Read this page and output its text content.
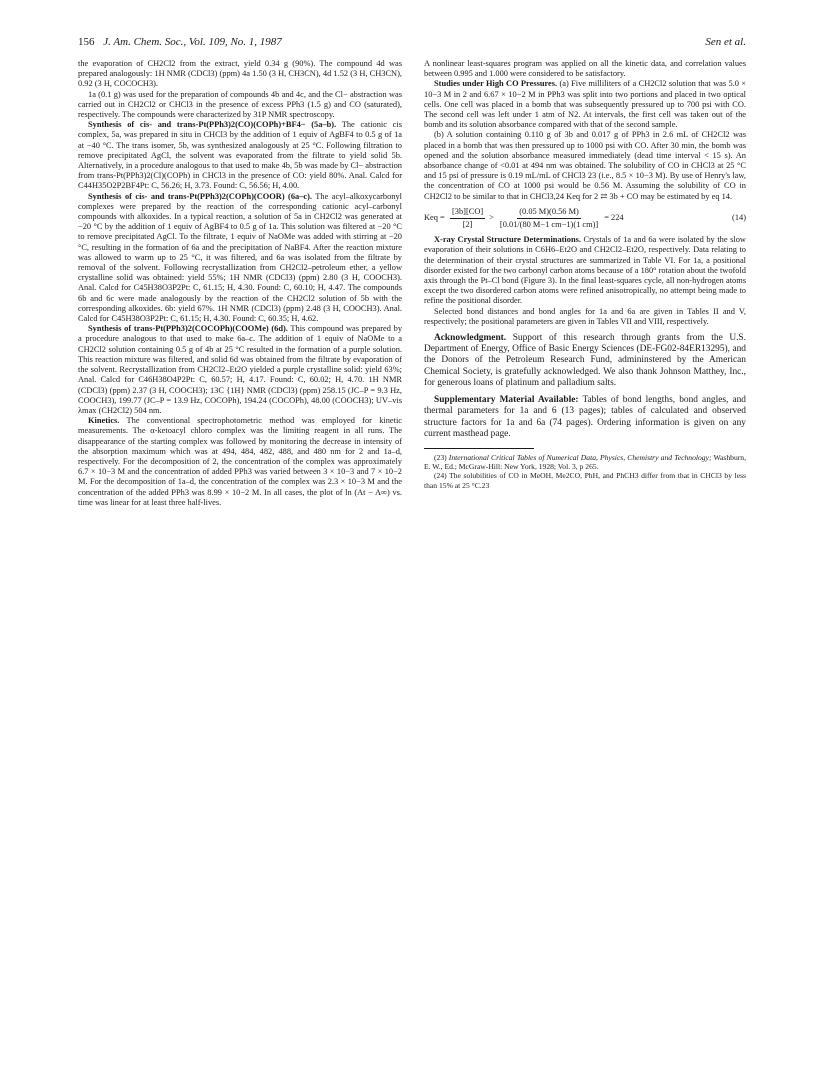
156 J. Am. Chem. Soc., Vol. 109, No. 1, 1987	Sen et al.

the evaporation of CH2Cl2 from the extract, yield 0.34 g (90%). The compound 4d was prepared analogously: 1H NMR (CDCl3) (ppm) 4a 1.50 (3 H, CH3CN), 4d 1.52 (3 H, CH3CN), 0.92 (3 H, COCOCH3).

1a (0.1 g) was used for the preparation of compounds 4b and 4c, and the Cl− abstraction was carried out in CH2Cl2 or CHCl3 in the presence of excess PPh3 (1.5 g) and CO (saturated), respectively. The compounds were characterized by 31P NMR spectroscopy.

Synthesis of cis- and trans-Pt(PPh3)2(CO)(COPh)+BF4− (5a–b). The cationic cis complex, 5a, was prepared in situ in CHCl3 by the addition of 1 equiv of AgBF4 to 0.5 g of 1a at −40 °C. The trans isomer, 5b, was synthesized analogously at 25 °C. Following filtration to remove precipitated AgCl, the solvent was evaporated from the filtrate to yield solid 5b. Alternatively, in a procedure analogous to that used to make 4b, 5b was made by Cl− abstraction from trans-Pt(PPh3)2(Cl)(COPh) in CHCl3 in the presence of CO: yield 80%. Anal. Calcd for C44H35O2P2BF4Pt: C, 56.26; H, 3.73. Found: C, 56.56; H, 4.00.

Synthesis of cis- and trans-Pt(PPh3)2(COPh)(COOR) (6a–c). The acyl–alkoxycarbonyl complexes were prepared by the reaction of the corresponding cationic acyl–carbonyl compounds with alkoxides. In a typical reaction, a solution of 5a in CH2Cl2 was generated at −20 °C by the addition of 1 equiv of AgBF4 to 0.5 g of 1a. This solution was filtered at −20 °C to remove precipitated AgCl. To the filtrate, 1 equiv of NaOMe was added with stirring at −20 °C, resulting in the formation of 6a and the precipitation of NaBF4. After the reaction mixture was allowed to warm up to 25 °C, it was filtered, and 6a was isolated from the filtrate by removal of the solvent. Following recrystallization from CH2Cl2–petroleum ether, a yellow crystalline solid was obtained: yield 55%; 1H NMR (CDCl3) (ppm) 2.80 (3 H, COOCH3). Anal. Calcd for C45H38O3P2Pt: C, 61.15; H, 4.30. Found: C, 60.10; H, 4.47. The compounds 6b and 6c were made analogously by the reaction of the CH2Cl2 solution of 5b with the corresponding alkoxides. 6b: yield 67%. 1H NMR (CDCl3) (ppm) 2.48 (3 H, COOCH3). Anal. Calcd for C45H38O3P2Pt: C, 61.15; H, 4.30. Found: C, 60.35; H, 4.62.

Synthesis of trans-Pt(PPh3)2(COCOPh)(COOMe) (6d). This compound was prepared by a procedure analogous to that used to make 6a–c. The addition of 1 equiv of NaOMe to a CH2Cl2 solution containing 0.5 g of 4b at 25 °C resulted in the formation of a purple solution. This reaction mixture was filtered, and solid 6d was obtained from the filtrate by evaporation of the solvent. Recrystallization from CH2Cl2–Et2O yielded a purple crystalline solid: yield 63%; Anal. Calcd for C46H38O4P2Pt: C, 60.57; H, 4.17. Found: C, 60.02; H, 4.70. 1H NMR (CDCl3) (ppm) 2.37 (3 H, COOCH3); 13C {1H} NMR (CDCl3) (ppm) 258.15 (JC–P = 9.3 Hz, COOCH3), 199.77 (JC–P = 13.9 Hz, COCOPh), 194.24 (COCOPh), 48.00 (COOCH3); UV–vis λmax (CH2Cl2) 504 nm.

Kinetics. The conventional spectrophotometric method was employed for kinetic measurements. The α-ketoacyl chloro complex was the limiting reagent in all runs. The disappearance of the starting complex was followed by monitoring the decrease in intensity of the absorption maximum which was at 494, 484, 482, 488, and 480 nm for 2 and 1a–d, respectively. For the decomposition of 2, the concentration of the complex was approximately 6.7 × 10−3 M and the concentration of added PPh3 was varied between 3 × 10−3 and 7 × 10−2 M. For the decomposition of 1a–d, the concentration of the complex was 2.3 × 10−3 M and the concentration of the added PPh3 was 8.99 × 10−2 M. In all cases, the plot of ln (At − A∞) vs. time was linear for at least three half-lives.

A nonlinear least-squares program was applied on all the kinetic data, and correlation values between 0.995 and 1.000 were considered to be satisfactory.

Studies under High CO Pressures. (a) Five milliliters of a CH2Cl2 solution that was 5.0 × 10−3 M in 2 and 6.67 × 10−2 M in PPh3 was split into two portions and placed in two optical cells. One cell was placed in a bomb that was subsequently pressured up to 700 psi with CO. The second cell was left under 1 atm of N2. At intervals, the first cell was taken out of the bomb and its solution absorbance compared with that of the second sample.

(b) A solution containing 0.110 g of 3b and 0.017 g of PPh3 in 2.6 mL of CH2Cl2 was placed in a bomb that was then pressured up to 1000 psi with CO. After 30 min, the bomb was opened and the solution absorbance measured immediately (dead time interval < 15 s). An absorbance change of <0.01 at 494 nm was obtained. The solubility of CO in CHCl3 at 25 °C and 15 psi of pressure is 0.19 mL/mL of CHCl3 23 (i.e., 8.5 × 10−3 M). By use of Henry's law, the concentration of CO at 1000 psi would be 0.56 M. Assuming the solubility of CO in CH2Cl2 to be similar to that in CHCl3,24 Keq for 2 ⇄ 3b + CO may be estimated by eq 14.

Keq = $\frac{[3b][CO]}{[2]} > \frac{(0.05 M)(0.56 M)}{[0.01/(80 M-1 cm-1)(1 cm)]} = 224$	(14)

X-ray Crystal Structure Determinations. Crystals of 1a and 6a were isolated by the slow evaporation of their solutions in C6H6–Et2O and CH2Cl2–Et2O, respectively. Data relating to the determination of their crystal structures are summarized in Table VI. For 1a, a positional disorder existed for the two carbonyl carbon atoms because of a 180° rotation about the twofold axis through the Pt–Cl bond (Figure 3). In the final least-squares cycle, all non-hydrogen atoms except the two disordered carbon atoms were refined anisotropically, no attempt being made to refine the positional disorder.

Selected bond distances and bond angles for 1a and 6a are given in Tables II and V, respectively; the positional parameters are given in Tables VII and VIII, respectively.

Acknowledgment. Support of this research through grants from the U.S. Department of Energy, Office of Basic Energy Sciences (DE-FG02-84ER13295), and the Donors of the Petroleum Research Fund, admininstered by the American Chemical Society, is gratefully acknowledged. We also thank Johnson Matthey, Inc., for generous loans of platinum and palladium salts.

Supplementary Material Available: Tables of bond lengths, bond angles, and thermal parameters for 1a and 6 (13 pages); tables of calculated and observed structure factors for 1a and 6a (74 pages). Ordering information is given on any current masthead page.

(23) International Critical Tables of Numerical Data, Physics, Chemistry and Technology; Washburn, E. W., Ed.; McGraw-Hill: New York, 1928; Vol. 3, p 265.

(24) The solubilities of CO in MeOH, Me2CO, PhH, and PhCH3 differ from that in CHCl3 by less than 15% at 25 °C.23
